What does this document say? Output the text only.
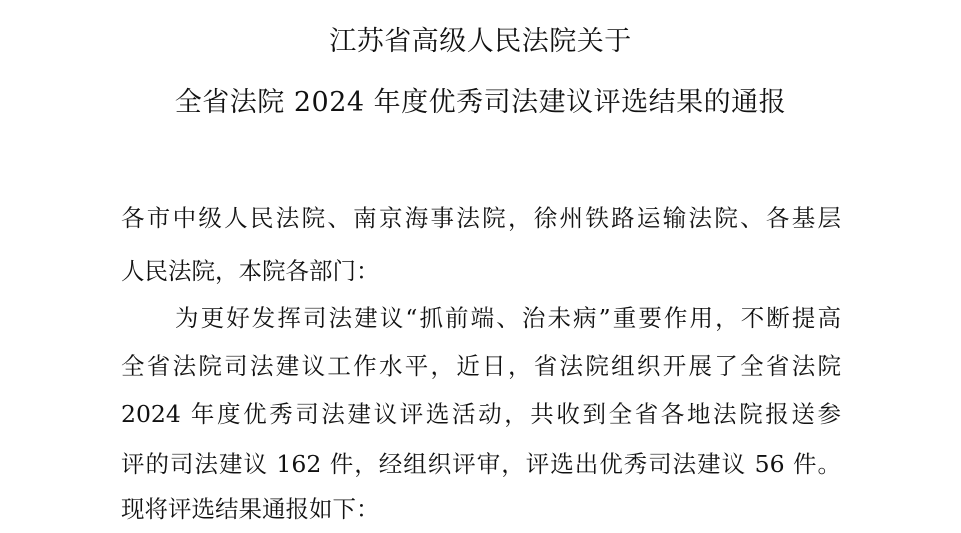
江苏省高级人民法院关于
全省法院 2024 年度优秀司法建议评选结果的通报
各市中级人民法院、南京海事法院，徐州铁路运输法院、各基层
人民法院，本院各部门：
为更好发挥司法建议“抓前端、治未病”重要作用，不断提高
全省法院司法建议工作水平，近日，省法院组织开展了全省法院
2024 年度优秀司法建议评选活动，共收到全省各地法院报送参
评的司法建议 162 件，经组织评审，评选出优秀司法建议 56 件。
现将评选结果通报如下：
